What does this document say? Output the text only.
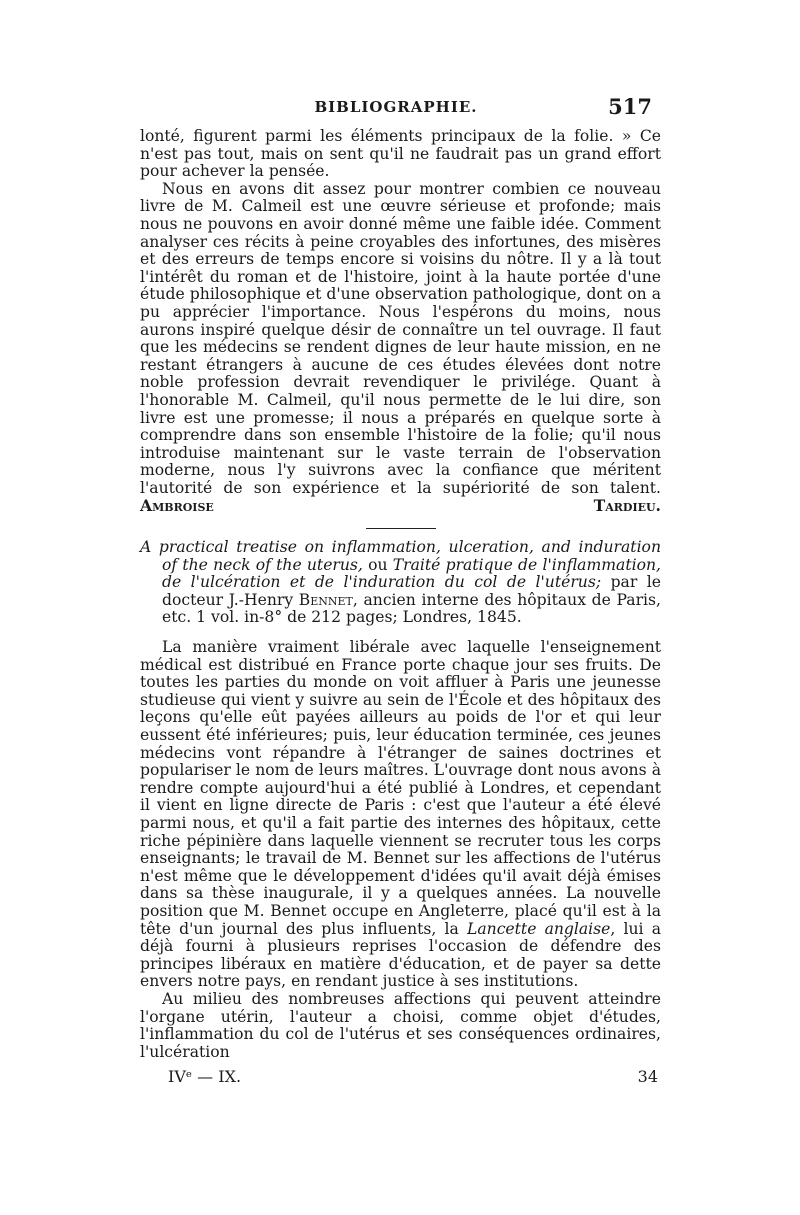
BIBLIOGRAPHIE.	517

lonté, figurent parmi les éléments principaux de la folie. » Ce n'est pas tout, mais on sent qu'il ne faudrait pas un grand effort pour achever la pensée.

Nous en avons dit assez pour montrer combien ce nouveau livre de M. Calmeil est une œuvre sérieuse et profonde; mais nous ne pouvons en avoir donné même une faible idée. Comment analyser ces récits à peine croyables des infortunes, des misères et des erreurs de temps encore si voisins du nôtre. Il y a là tout l'intérêt du roman et de l'histoire, joint à la haute portée d'une étude philosophique et d'une observation pathologique, dont on a pu apprécier l'importance. Nous l'espérons du moins, nous aurons inspiré quelque désir de connaître un tel ouvrage. Il faut que les médecins se rendent dignes de leur haute mission, en ne restant étrangers à aucune de ces études élevées dont notre noble profession devrait revendiquer le privilége. Quant à l'honorable M. Calmeil, qu'il nous permette de le lui dire, son livre est une promesse; il nous a préparés en quelque sorte à comprendre dans son ensemble l'histoire de la folie; qu'il nous introduise maintenant sur le vaste terrain de l'observation moderne, nous l'y suivrons avec la confiance que méritent l'autorité de son expérience et la supériorité de son talent. Ambroise Tardieu.

A practical treatise on inflammation, ulceration, and induration of the neck of the uterus, ou Traité pratique de l'inflammation, de l'ulcération et de l'induration du col de l'utérus; par le docteur J.-Henry Bennet, ancien interne des hôpitaux de Paris, etc. 1 vol. in-8° de 212 pages; Londres, 1845.

La manière vraiment libérale avec laquelle l'enseignement médical est distribué en France porte chaque jour ses fruits. De toutes les parties du monde on voit affluer à Paris une jeunesse studieuse qui vient y suivre au sein de l'École et des hôpitaux des leçons qu'elle eût payées ailleurs au poids de l'or et qui leur eussent été inférieures; puis, leur éducation terminée, ces jeunes médecins vont répandre à l'étranger de saines doctrines et populariser le nom de leurs maîtres. L'ouvrage dont nous avons à rendre compte aujourd'hui a été publié à Londres, et cependant il vient en ligne directe de Paris : c'est que l'auteur a été élevé parmi nous, et qu'il a fait partie des internes des hôpitaux, cette riche pépinière dans laquelle viennent se recruter tous les corps enseignants; le travail de M. Bennet sur les affections de l'utérus n'est même que le développement d'idées qu'il avait déjà émises dans sa thèse inaugurale, il y a quelques années. La nouvelle position que M. Bennet occupe en Angleterre, placé qu'il est à la tête d'un journal des plus influents, la Lancette anglaise, lui a déjà fourni à plusieurs reprises l'occasion de défendre des principes libéraux en matière d'éducation, et de payer sa dette envers notre pays, en rendant justice à ses institutions.

Au milieu des nombreuses affections qui peuvent atteindre l'organe utérin, l'auteur a choisi, comme objet d'études, l'inflammation du col de l'utérus et ses conséquences ordinaires, l'ulcération

IVᵉ — IX.	34
